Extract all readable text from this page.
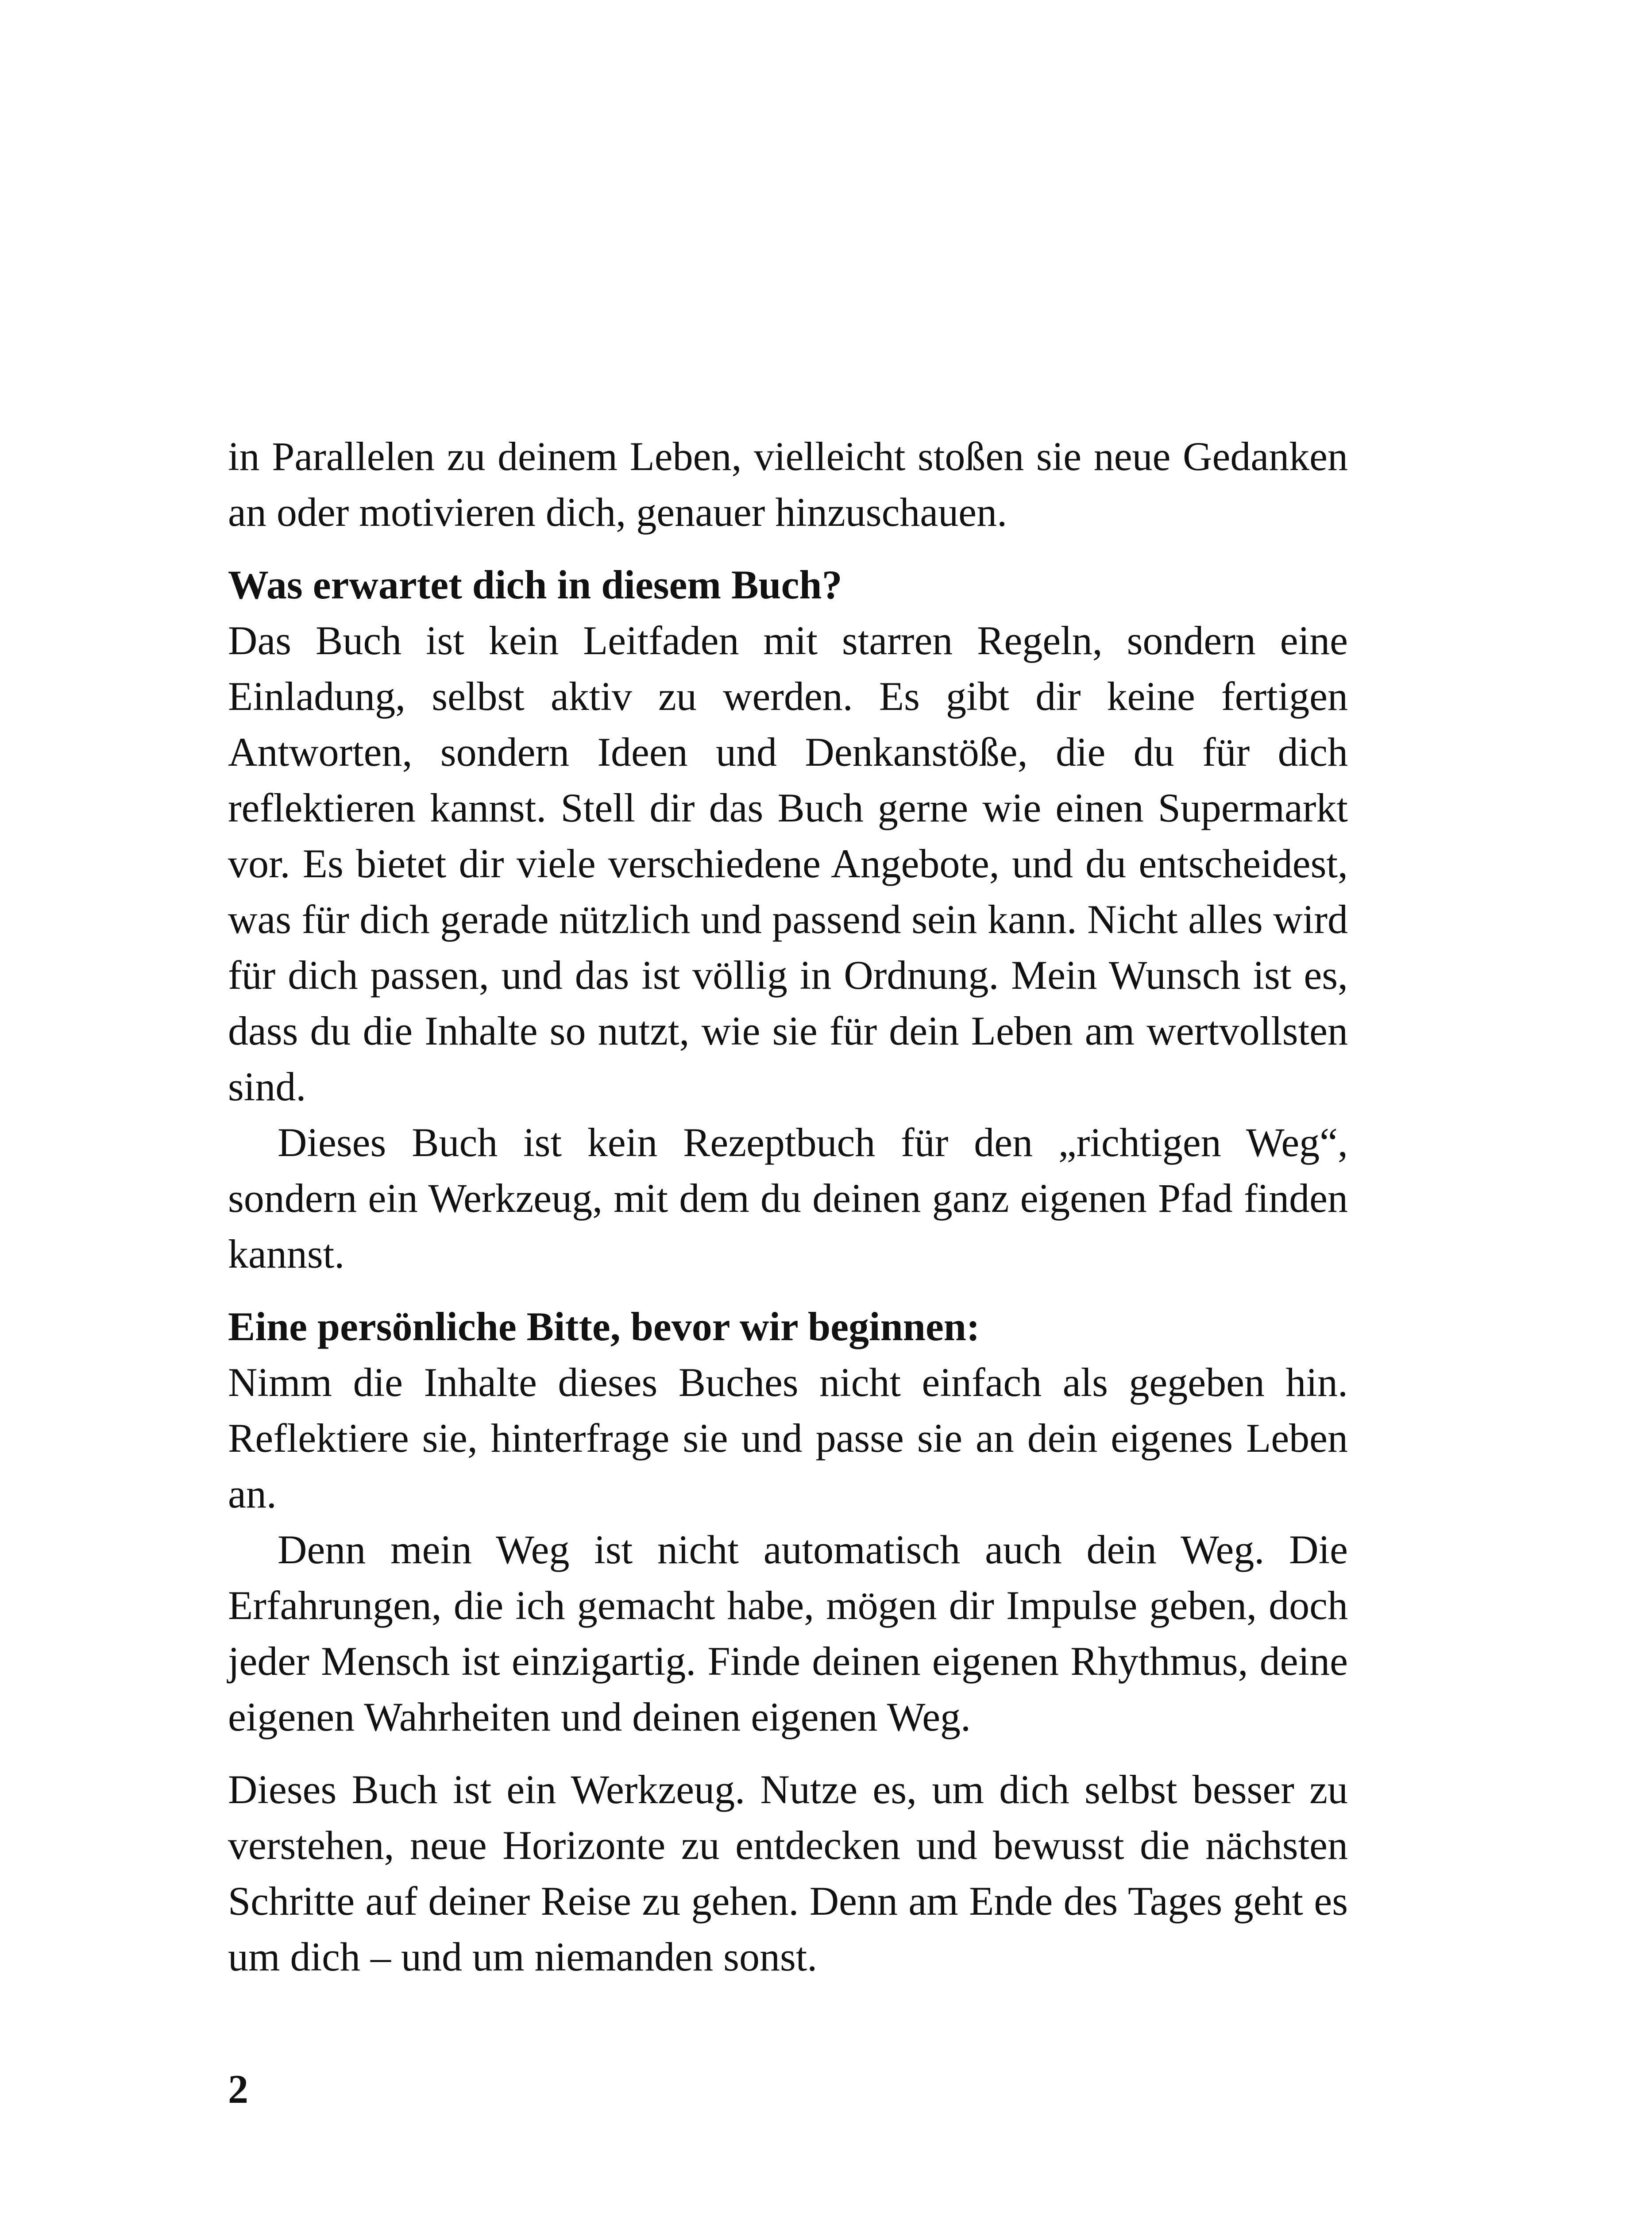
in Parallelen zu deinem Leben, vielleicht stoßen sie neue Gedanken an oder motivieren dich, genauer hinzuschauen.

Was erwartet dich in diesem Buch?

Das Buch ist kein Leitfaden mit starren Regeln, sondern eine Einladung, selbst aktiv zu werden. Es gibt dir keine fertigen Antworten, sondern Ideen und Denkanstöße, die du für dich reflektieren kannst. Stell dir das Buch gerne wie einen Supermarkt vor. Es bietet dir viele verschiedene Angebote, und du entscheidest, was für dich gerade nützlich und passend sein kann. Nicht alles wird für dich passen, und das ist völlig in Ordnung. Mein Wunsch ist es, dass du die Inhalte so nutzt, wie sie für dein Leben am wertvollsten sind.

Dieses Buch ist kein Rezeptbuch für den „richtigen Weg“, sondern ein Werkzeug, mit dem du deinen ganz eigenen Pfad finden kannst.

Eine persönliche Bitte, bevor wir beginnen:

Nimm die Inhalte dieses Buches nicht einfach als gegeben hin. Reflektiere sie, hinterfrage sie und passe sie an dein eigenes Leben an.

Denn mein Weg ist nicht automatisch auch dein Weg. Die Erfahrungen, die ich gemacht habe, mögen dir Impulse geben, doch jeder Mensch ist einzigartig. Finde deinen eigenen Rhythmus, deine eigenen Wahrheiten und deinen eigenen Weg.

Dieses Buch ist ein Werkzeug. Nutze es, um dich selbst besser zu verstehen, neue Horizonte zu entdecken und bewusst die nächsten Schritte auf deiner Reise zu gehen. Denn am Ende des Tages geht es um dich – und um niemanden sonst.

2
